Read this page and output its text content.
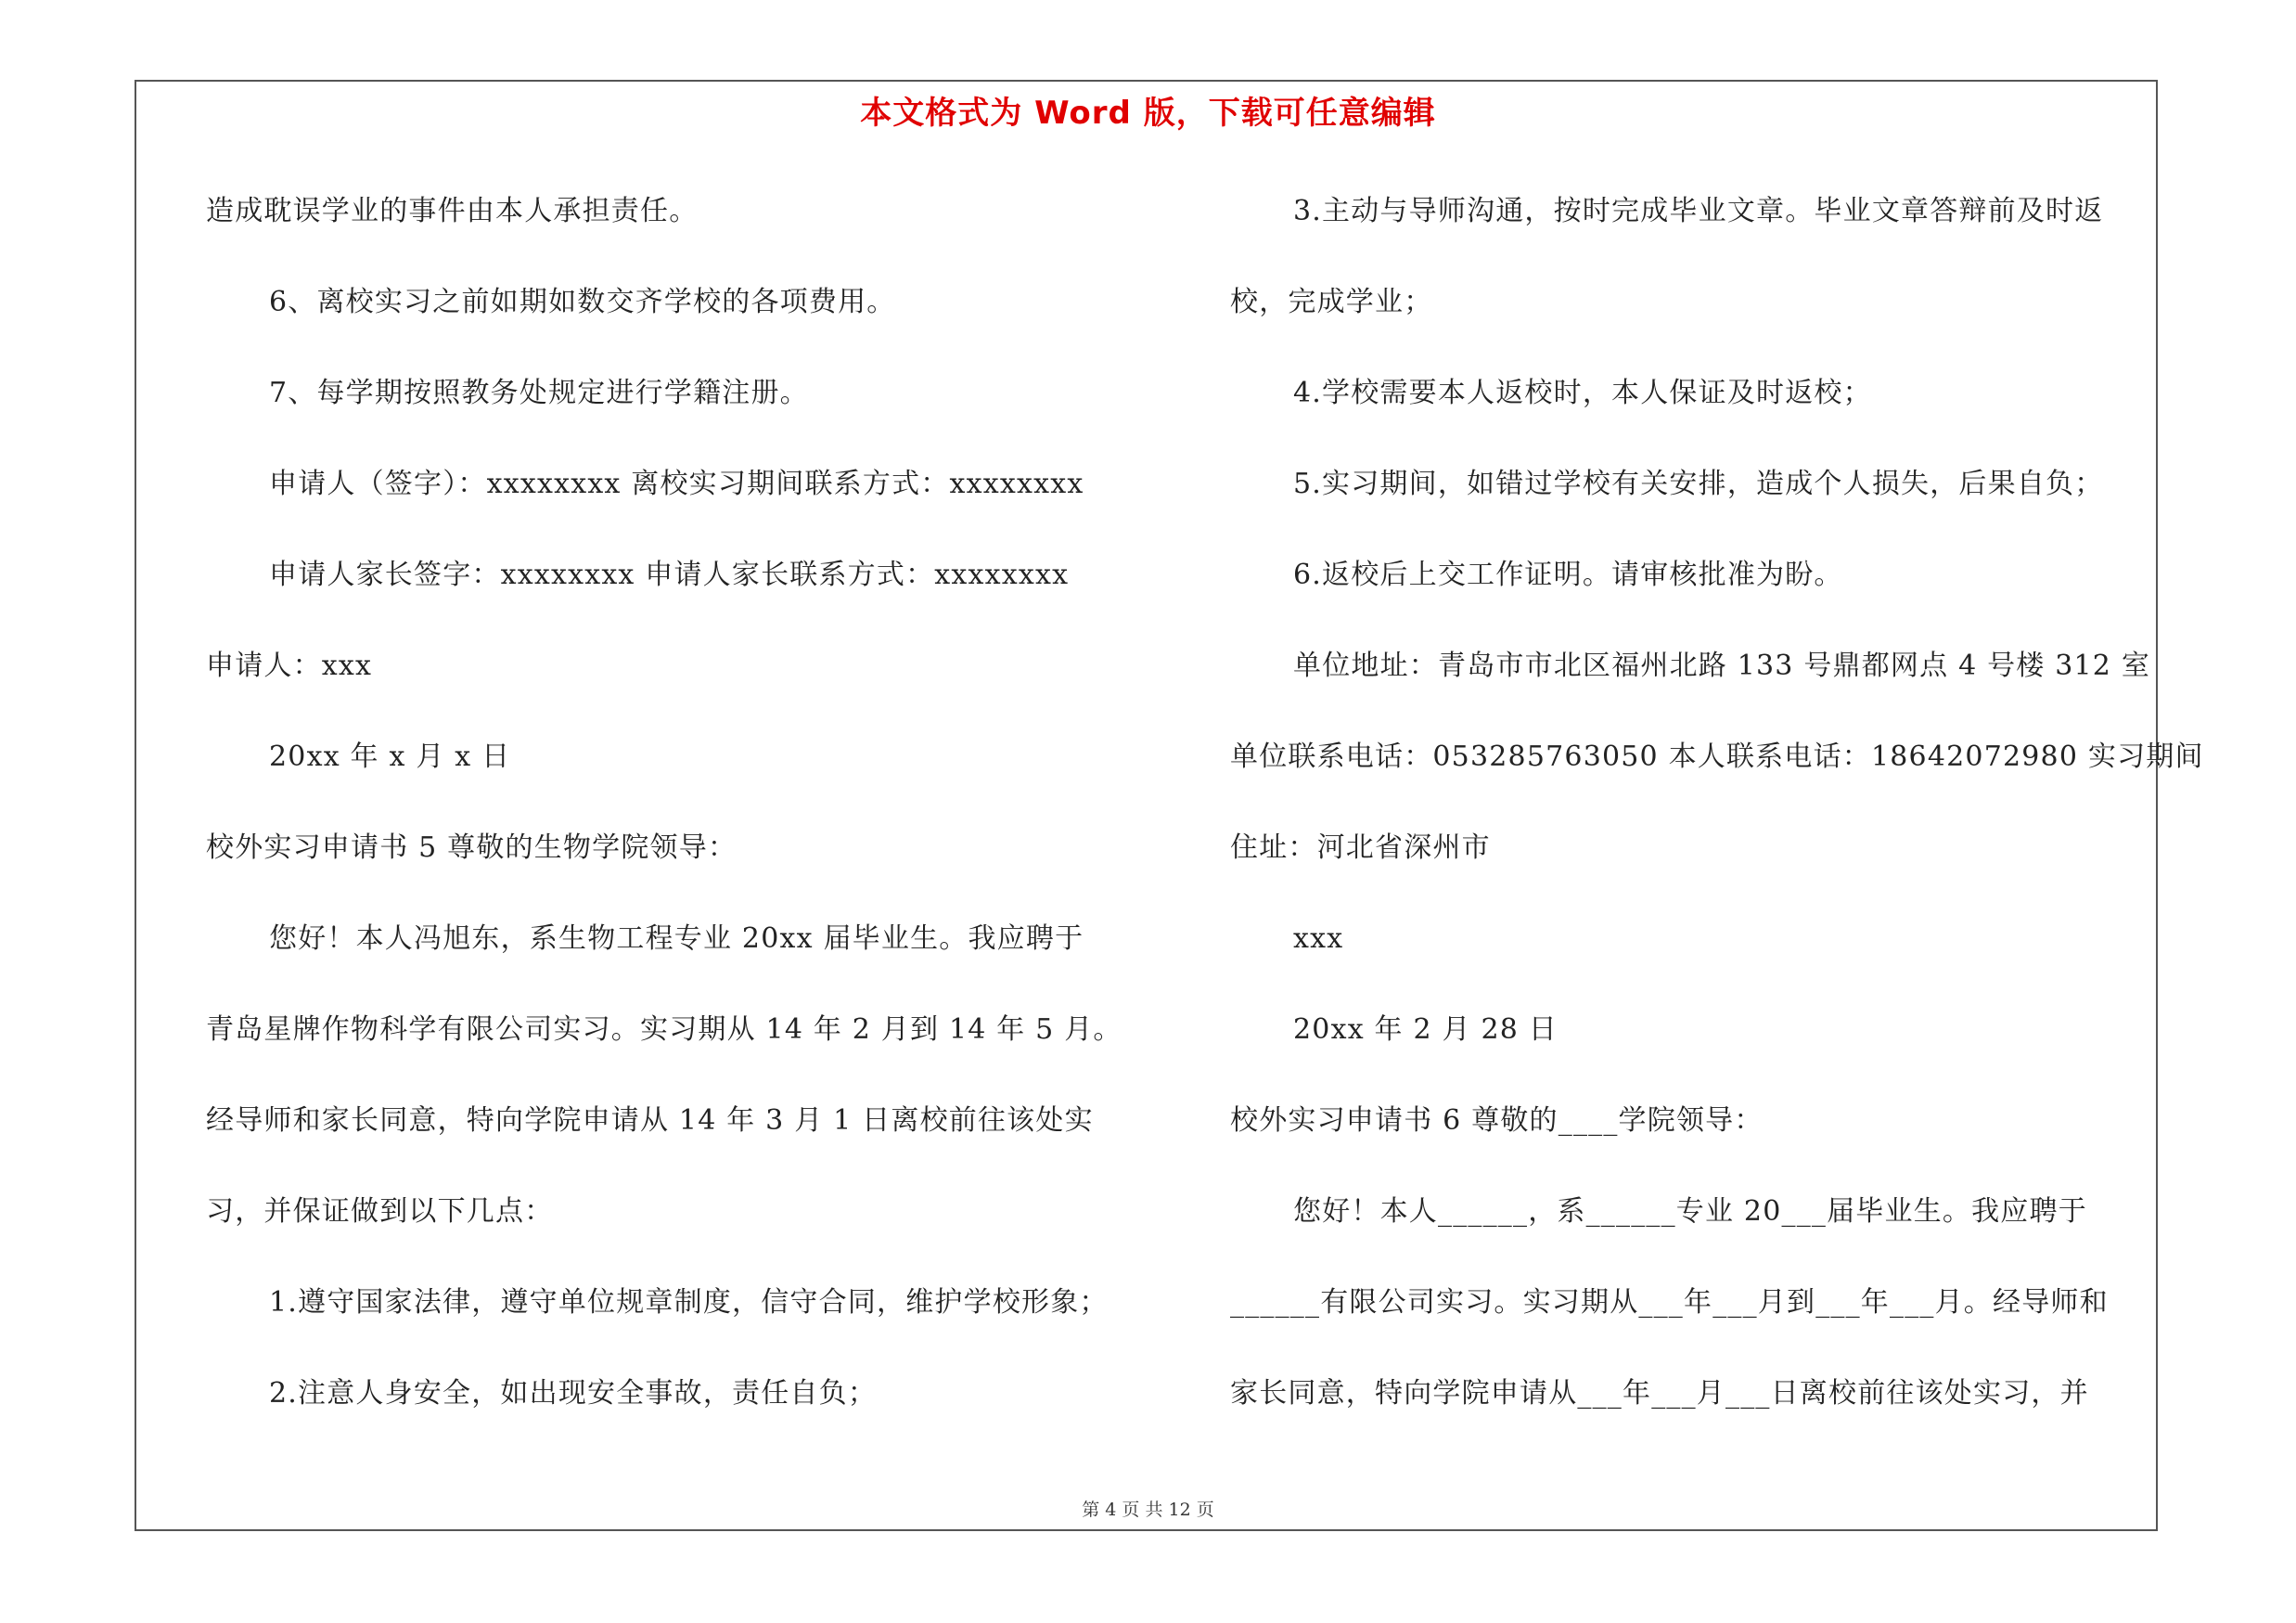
本文格式为 Word 版，下载可任意编辑
造成耽误学业的事件由本人承担责任。
6、离校实习之前如期如数交齐学校的各项费用。
7、每学期按照教务处规定进行学籍注册。
申请人（签字）：xxxxxxxx 离校实习期间联系方式：xxxxxxxx
申请人家长签字：xxxxxxxx 申请人家长联系方式：xxxxxxxx
申请人：xxx
20xx 年 x 月 x 日
校外实习申请书 5 尊敬的生物学院领导：
您好！本人冯旭东，系生物工程专业 20xx 届毕业生。我应聘于
青岛星牌作物科学有限公司实习。实习期从 14 年 2 月到 14 年 5 月。
经导师和家长同意，特向学院申请从 14 年 3 月 1 日离校前往该处实
习，并保证做到以下几点：
1.遵守国家法律，遵守单位规章制度，信守合同，维护学校形象；
2.注意人身安全，如出现安全事故，责任自负；
3.主动与导师沟通，按时完成毕业文章。毕业文章答辩前及时返
校，完成学业；
4.学校需要本人返校时，本人保证及时返校；
5.实习期间，如错过学校有关安排，造成个人损失，后果自负；
6.返校后上交工作证明。请审核批准为盼。
单位地址：青岛市市北区福州北路 133 号鼎都网点 4 号楼 312 室
单位联系电话：053285763050 本人联系电话：18642072980 实习期间
住址：河北省深州市
xxx
20xx 年 2 月 28 日
校外实习申请书 6 尊敬的____学院领导：
您好！本人______，系______专业 20___届毕业生。我应聘于
______有限公司实习。实习期从___年___月到___年___月。经导师和
家长同意，特向学院申请从___年___月___日离校前往该处实习，并
第 4 页 共 12 页
